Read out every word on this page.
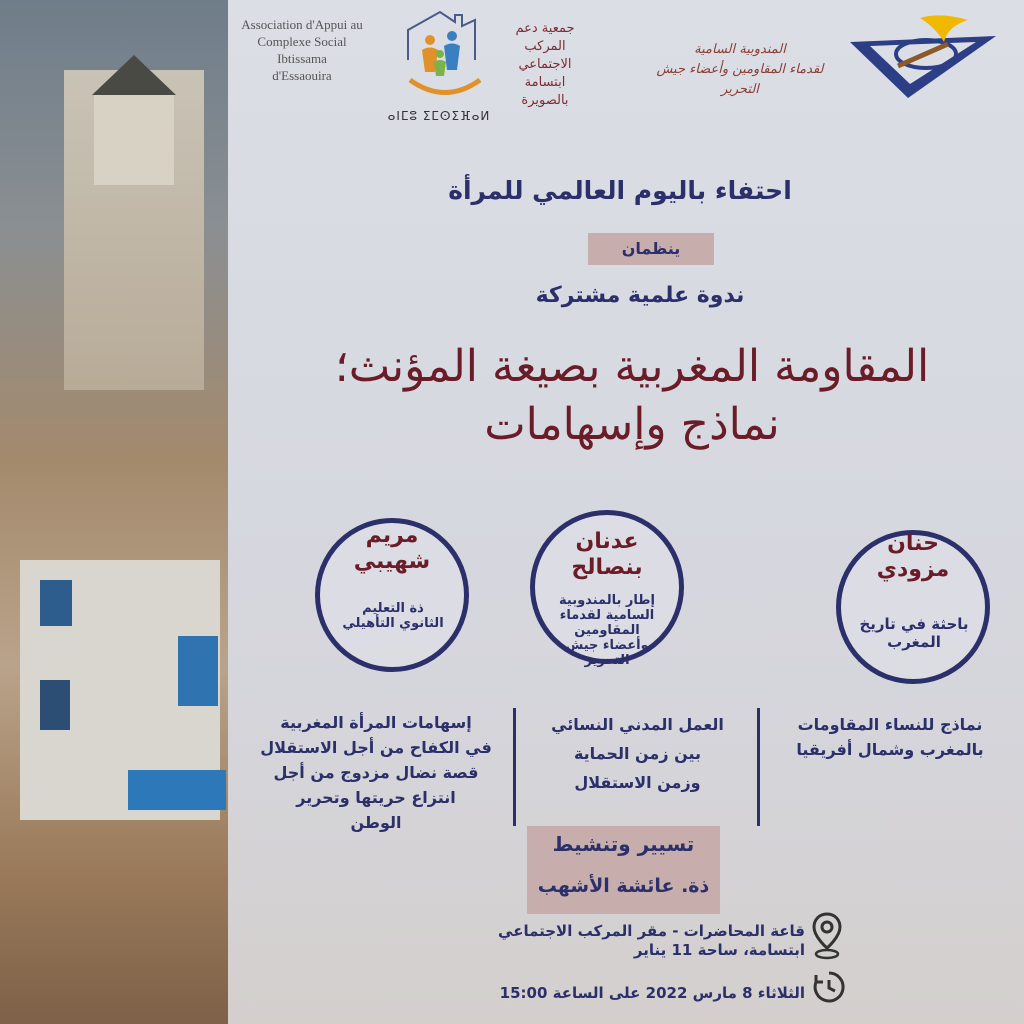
Association d'Appui au
Complexe Social
Ibtissama
d'Essaouira
ⴰⵏⵎⵓ ⵉⵎⵙⵉⴼⴰⵍ
جمعية دعم
المركب الاجتماعي
ابتسامة
بالصويرة
المندوبية السامية
لقدماء المقاومين وأعضاء جيش التحرير
احتفاء باليوم العالمي للمرأة
ينظمان
ندوة علمية مشتركة
المقاومة المغربية بصيغة المؤنث؛
نماذج وإسهامات
حنان
مزودي
باحثة في تاريخ المغرب
عدنان
بنصالح
إطار بالمندوبية السامية لقدماء المقاومين وأعضاء جيش التحرير
مريم
شهيبي
ذة التعليم الثانوي التأهيلي
نماذج للنساء المقاومات
بالمغرب وشمال أفريقيا
العمل المدني النسائي
بين زمن الحماية
وزمن الاستقلال
إسهامات المرأة المغربية
في الكفاح من أجل الاستقلال
قصة نضال مزدوج من أجل
انتزاع حريتها وتحرير
الوطن
تسيير وتنشيط
ذة. عائشة الأشهب
قاعة المحاضرات - مقر المركب الاجتماعي
ابتسامة، ساحة 11 يناير
الثلاثاء 8 مارس 2022 على الساعة 15:00
